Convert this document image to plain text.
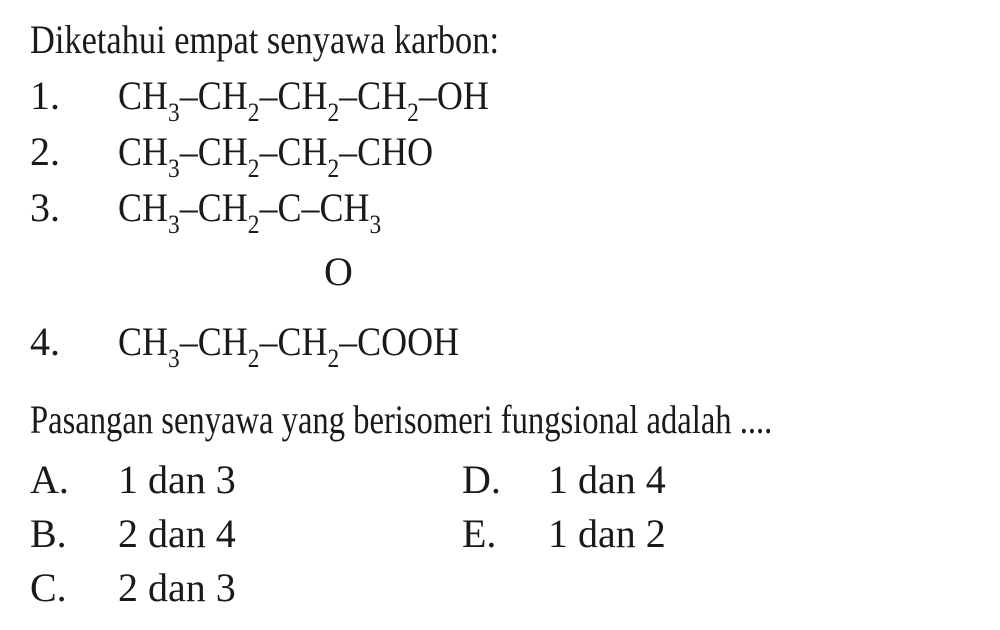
Diketahui empat senyawa karbon:
1. $CH_3-CH_2-CH_2-CH_2-OH$
2. $CH_3-CH_2-CH_2$–CHO
3. $CH_3-CH_2-C-CH_3$
O
4. $CH_3-CH_2-CH_2$–COOH
Pasangan senyawa yang berisomeri fungsional adalah ....
A. 1 dan 3
B. 2 dan 4
C. 2 dan 3
D. 1 dan 4
E. 1 dan 2
